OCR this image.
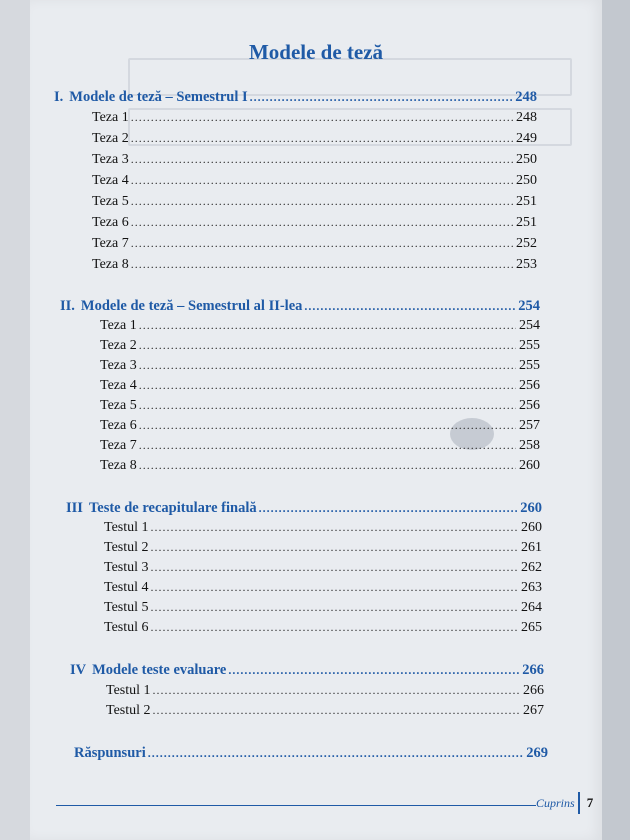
Modele de teză
I. Modele de teză – Semestrul I .....	248
Teza 1 .....	248
Teza 2 .....	249
Teza 3 .....	250
Teza 4 .....	250
Teza 5 .....	251
Teza 6 .....	251
Teza 7 .....	252
Teza 8 .....	253
II. Modele de teză – Semestrul al II-lea .....	254
Teza 1 .....	254
Teza 2 .....	255
Teza 3 .....	255
Teza 4 .....	256
Teza 5 .....	256
Teza 6 .....	257
Teza 7 .....	258
Teza 8 .....	260
III Teste de recapitulare finală .....	260
Testul 1 .....	260
Testul 2 .....	261
Testul 3 .....	262
Testul 4 .....	263
Testul 5 .....	264
Testul 6 .....	265
IV Modele teste evaluare .....	266
Testul 1 .....	266
Testul 2 .....	267
Răspunsuri .....	269
Cuprins 7
